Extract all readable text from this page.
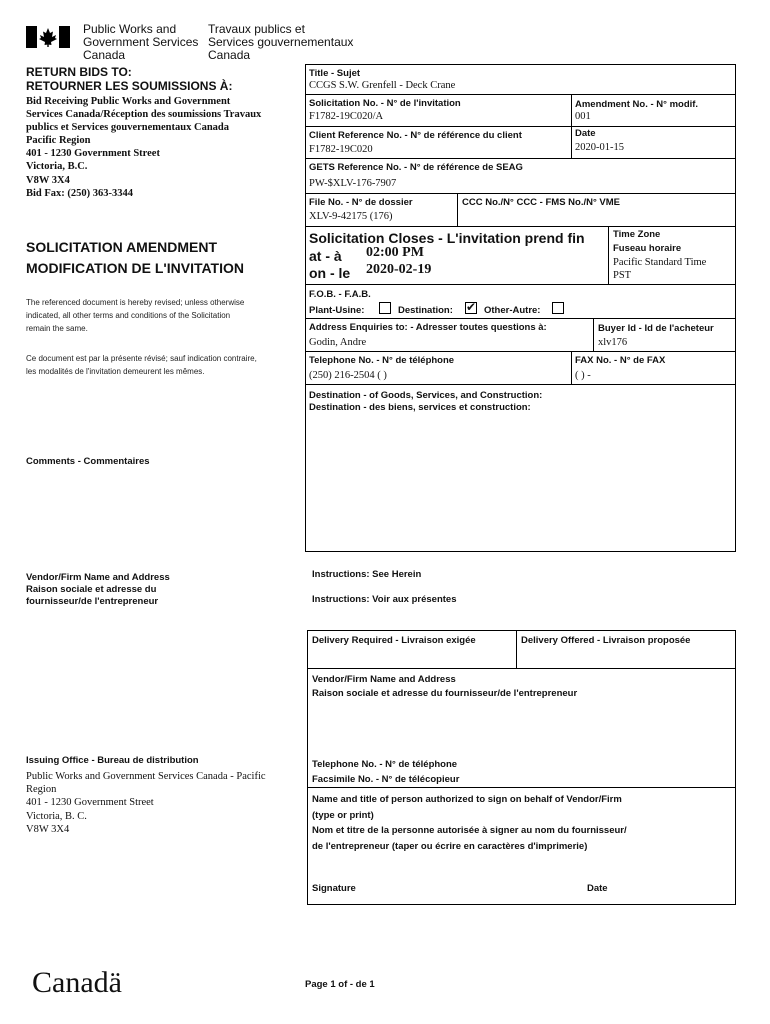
Public Works and
Government Services
Canada
Travaux publics et
Services gouvernementaux
Canada
RETURN BIDS TO:
RETOURNER LES SOUMISSIONS À:
Bid Receiving Public Works and Government
Services Canada/Réception des soumissions Travaux
publics et Services gouvernementaux Canada
Pacific Region
401 - 1230 Government Street
Victoria, B.C.
V8W 3X4
Bid Fax: (250) 363-3344
SOLICITATION AMENDMENT
MODIFICATION DE L'INVITATION
The referenced document is hereby revised; unless otherwise
indicated, all other terms and conditions of the Solicitation
remain the same.
Ce document est par la présente révisé; sauf indication contraire,
les modalités de l'invitation demeurent les mêmes.
Comments - Commentaires
Vendor/Firm Name and Address
Raison sociale et adresse du
fournisseur/de l'entrepreneur
Issuing Office - Bureau de distribution
Public Works and Government Services Canada - Pacific
Region
401 - 1230 Government Street
Victoria, B. C.
V8W 3X4
Title - Sujet
CCGS S.W. Grenfell - Deck Crane
Solicitation No. - N° de l'invitation
F1782-19C020/A
Amendment No. - N° modif.
001
Client Reference No. - N° de référence du client
F1782-19C020
Date
2020-01-15
GETS Reference No. - N° de référence de SEAG
PW-$XLV-176-7907
File No. - N° de dossier
XLV-9-42175 (176)
CCC No./N° CCC - FMS No./N° VME
Solicitation Closes - L'invitation prend fin
at - à 02:00 PM
on - le 2020-02-19
Time Zone
Fuseau horaire
Pacific Standard Time
PST
F.O.B. - F.A.B.
Plant-Usine:	Destination: ✔ Other-Autre:
Address Enquiries to: - Adresser toutes questions à:
Godin, Andre
Buyer Id - Id de l'acheteur
xlv176
Telephone No. - N° de téléphone
(250) 216-2504 ( )
FAX No. - N° de FAX
( ) -
Destination - of Goods, Services, and Construction:
Destination - des biens, services et construction:
Instructions: See Herein
Instructions: Voir aux présentes
Delivery Required - Livraison exigée	Delivery Offered - Livraison proposée
Vendor/Firm Name and Address
Raison sociale et adresse du fournisseur/de l'entrepreneur
Telephone No. - N° de téléphone
Facsimile No. - N° de télécopieur
Name and title of person authorized to sign on behalf of Vendor/Firm
(type or print)
Nom et titre de la personne autorisée à signer au nom du fournisseur/
de l'entrepreneur (taper ou écrire en caractères d'imprimerie)
Signature	Date
Canadä	Page 1 of - de 1
